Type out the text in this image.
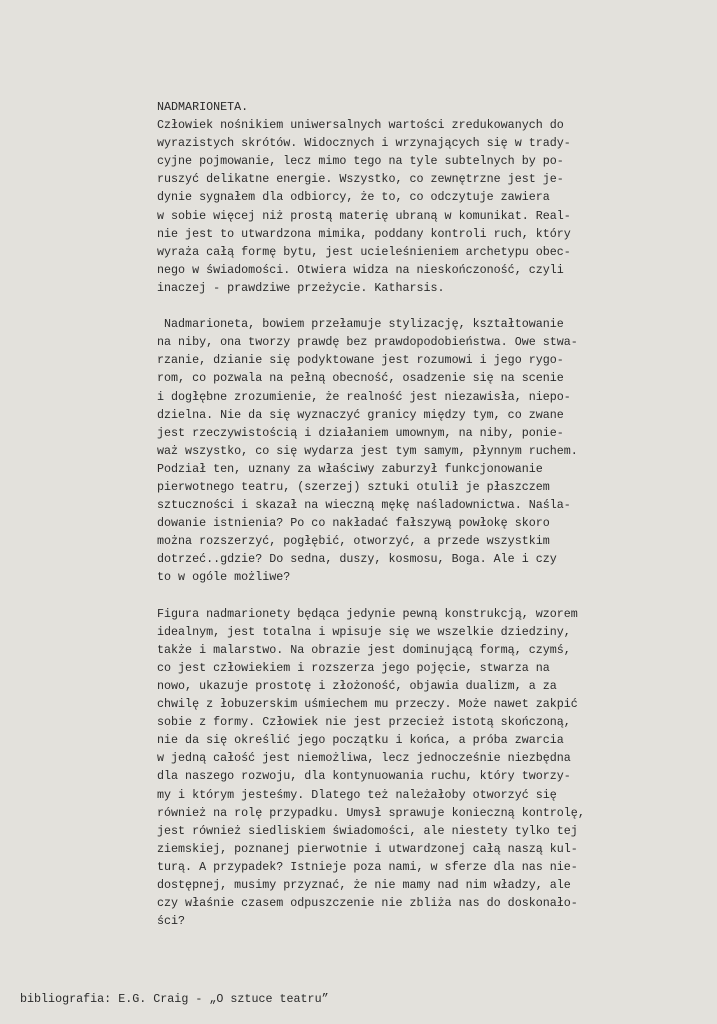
NADMARIONETA.
Człowiek nośnikiem uniwersalnych wartości zredukowanych do
wyrazistych skrótów. Widocznych i wrzynających się w trady-
cyjne pojmowanie, lecz mimo tego na tyle subtelnych by po-
ruszyć delikatne energie. Wszystko, co zewnętrzne jest je-
dynie sygnałem dla odbiorcy, że to, co odczytuje zawiera
w sobie więcej niż prostą materię ubraną w komunikat. Real-
nie jest to utwardzona mimika, poddany kontroli ruch, który
wyraża całą formę bytu, jest ucieleśnieniem archetypu obec-
nego w świadomości. Otwiera widza na nieskończoność, czyli
inaczej - prawdziwe przeżycie. Katharsis.
Nadmarioneta, bowiem przełamuje stylizację, kształtowanie
na niby, ona tworzy prawdę bez prawdopodobieństwa. Owe stwa-
rzanie, dzianie się podyktowane jest rozumowi i jego rygo-
rom, co pozwala na pełną obecność, osadzenie się na scenie
i dogłębne zrozumienie, że realność jest niezawisła, niepo-
dzielna. Nie da się wyznaczyć granicy między tym, co zwane
jest rzeczywistością i działaniem umownym, na niby, ponie-
waż wszystko, co się wydarza jest tym samym, płynnym ruchem.
Podział ten, uznany za właściwy zaburzył funkcjonowanie
pierwotnego teatru, (szerzej) sztuki otulił je płaszczem
sztuczności i skazał na wieczną mękę naśladownictwa. Naśla-
dowanie istnienia? Po co nakładać fałszywą powłokę skoro
można rozszerzyć, pogłębić, otworzyć, a przede wszystkim
dotrzeć..gdzie? Do sedna, duszy, kosmosu, Boga. Ale i czy
to w ogóle możliwe?
Figura nadmarionety będąca jedynie pewną konstrukcją, wzorem
idealnym, jest totalna i wpisuje się we wszelkie dziedziny,
także i malarstwo. Na obrazie jest dominującą formą, czymś,
co jest człowiekiem i rozszerza jego pojęcie, stwarza na
nowo, ukazuje prostotę i złożoność, objawia dualizm, a za
chwilę z łobuzerskim uśmiechem mu przeczy. Może nawet zakpić
sobie z formy. Człowiek nie jest przecież istotą skończoną,
nie da się określić jego początku i końca, a próba zwarcia
w jedną całość jest niemożliwa, lecz jednocześnie niezbędna
dla naszego rozwoju, dla kontynuowania ruchu, który tworzy-
my i którym jesteśmy. Dlatego też należałoby otworzyć się
również na rolę przypadku. Umysł sprawuje konieczną kontrolę,
jest również siedliskiem świadomości, ale niestety tylko tej
ziemskiej, poznanej pierwotnie i utwardzonej całą naszą kul-
turą. A przypadek? Istnieje poza nami, w sferze dla nas nie-
dostępnej, musimy przyznać, że nie mamy nad nim władzy, ale
czy właśnie czasem odpuszczenie nie zbliża nas do doskonało-
ści?
bibliografia: E.G. Craig - „O sztuce teatru”
